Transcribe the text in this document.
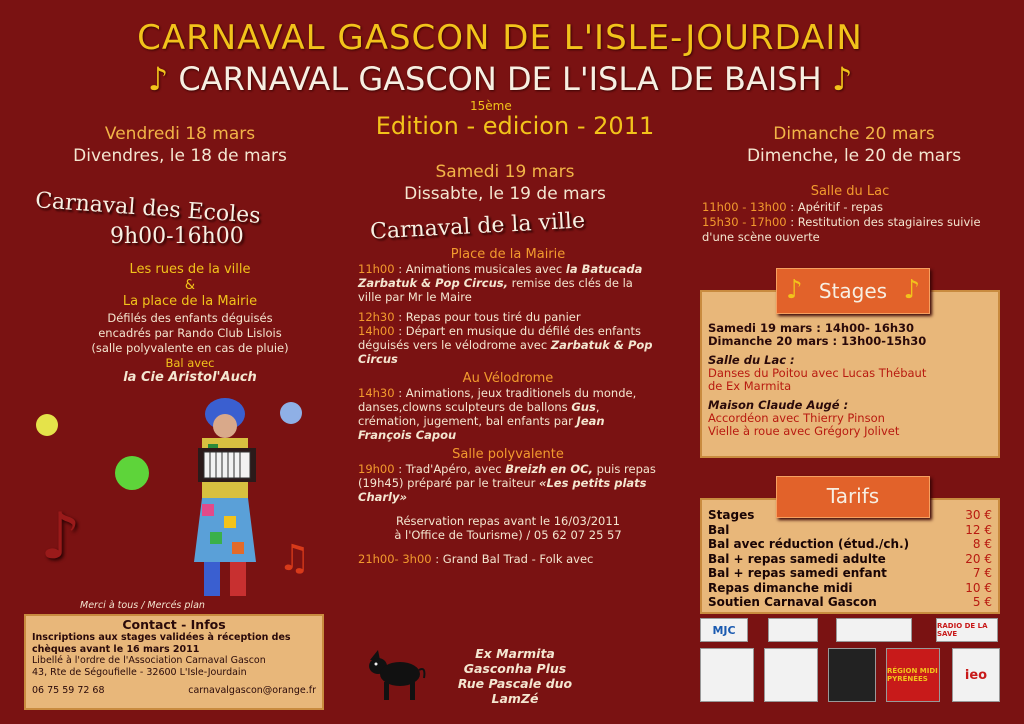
CARNAVAL GASCON DE L'ISLE-JOURDAIN
♪ CARNAVAL GASCON DE L'ISLA DE BAISH ♪
15ème
Edition - edicion - 2011
Vendredi 18 mars
Divendres, le 18 de mars
Carnaval des Ecoles
9h00-16h00
Les rues de la ville
&
La place de la Mairie
Défilés des enfants déguisés
encadrés par Rando Club Lislois
(salle polyvalente en cas de pluie)
Bal avec
la Cie Aristol'Auch
♪	♫
Merci à tous / Mercés plan
Contact - Infos
Inscriptions aux stages validées à réception des
chèques avant le 16 mars 2011
Libellé à l'ordre de l'Association Carnaval Gascon
43, Rte de Ségoufielle - 32600 L'Isle-Jourdain
06 75 59 72 68	carnavalgascon@orange.fr
Samedi 19 mars
Dissabte, le 19 de mars
Carnaval de la ville
Place de la Mairie
11h00 : Animations musicales avec la Batucada Zarbatuk & Pop Circus, remise des clés de la ville par Mr le Maire
12h30 : Repas pour tous tiré du panier
14h00 : Départ en musique du défilé des enfants déguisés vers le vélodrome avec Zarbatuk & Pop Circus
Au Vélodrome
14h30 : Animations, jeux traditionels du monde, danses,clowns sculpteurs de ballons Gus, crémation, jugement, bal enfants par Jean François Capou
Salle polyvalente
19h00 : Trad'Apéro, avec Breizh en OC, puis repas (19h45) préparé par le traiteur «Les petits plats Charly»
Réservation repas avant le 16/03/2011
à l'Office de Tourisme) / 05 62 07 25 57
21h00- 3h00 : Grand Bal Trad - Folk avec
Ex Marmita
Gasconha Plus
Rue Pascale duo
LamZé
Dimanche 20 mars
Dimenche, le 20 de mars
Salle du Lac
11h00 - 13h00 : Apéritif - repas
15h30 - 17h00 : Restitution des stagiaires suivie d'une scène ouverte
Samedi 19 mars : 14h00- 16h30
Dimanche 20 mars : 13h00-15h30
Salle du Lac :
Danses du Poitou avec Lucas Thébaut
de Ex Marmita
Maison Claude Augé :
Accordéon avec Thierry Pinson
Vielle à roue avec Grégory Jolivet
♪ Stages ♪
Stages	30 €
Bal	12 €
Bal avec réduction (étud./ch.)	8 €
Bal + repas samedi adulte	20 €
Bal + repas samedi enfant	7 €
Repas dimanche midi	10 €
Soutien Carnaval Gascon	5 €
Tarifs
MJC	RADIO DE LA SAVE
RÉGION MIDI PYRÉNÉES	ieo
